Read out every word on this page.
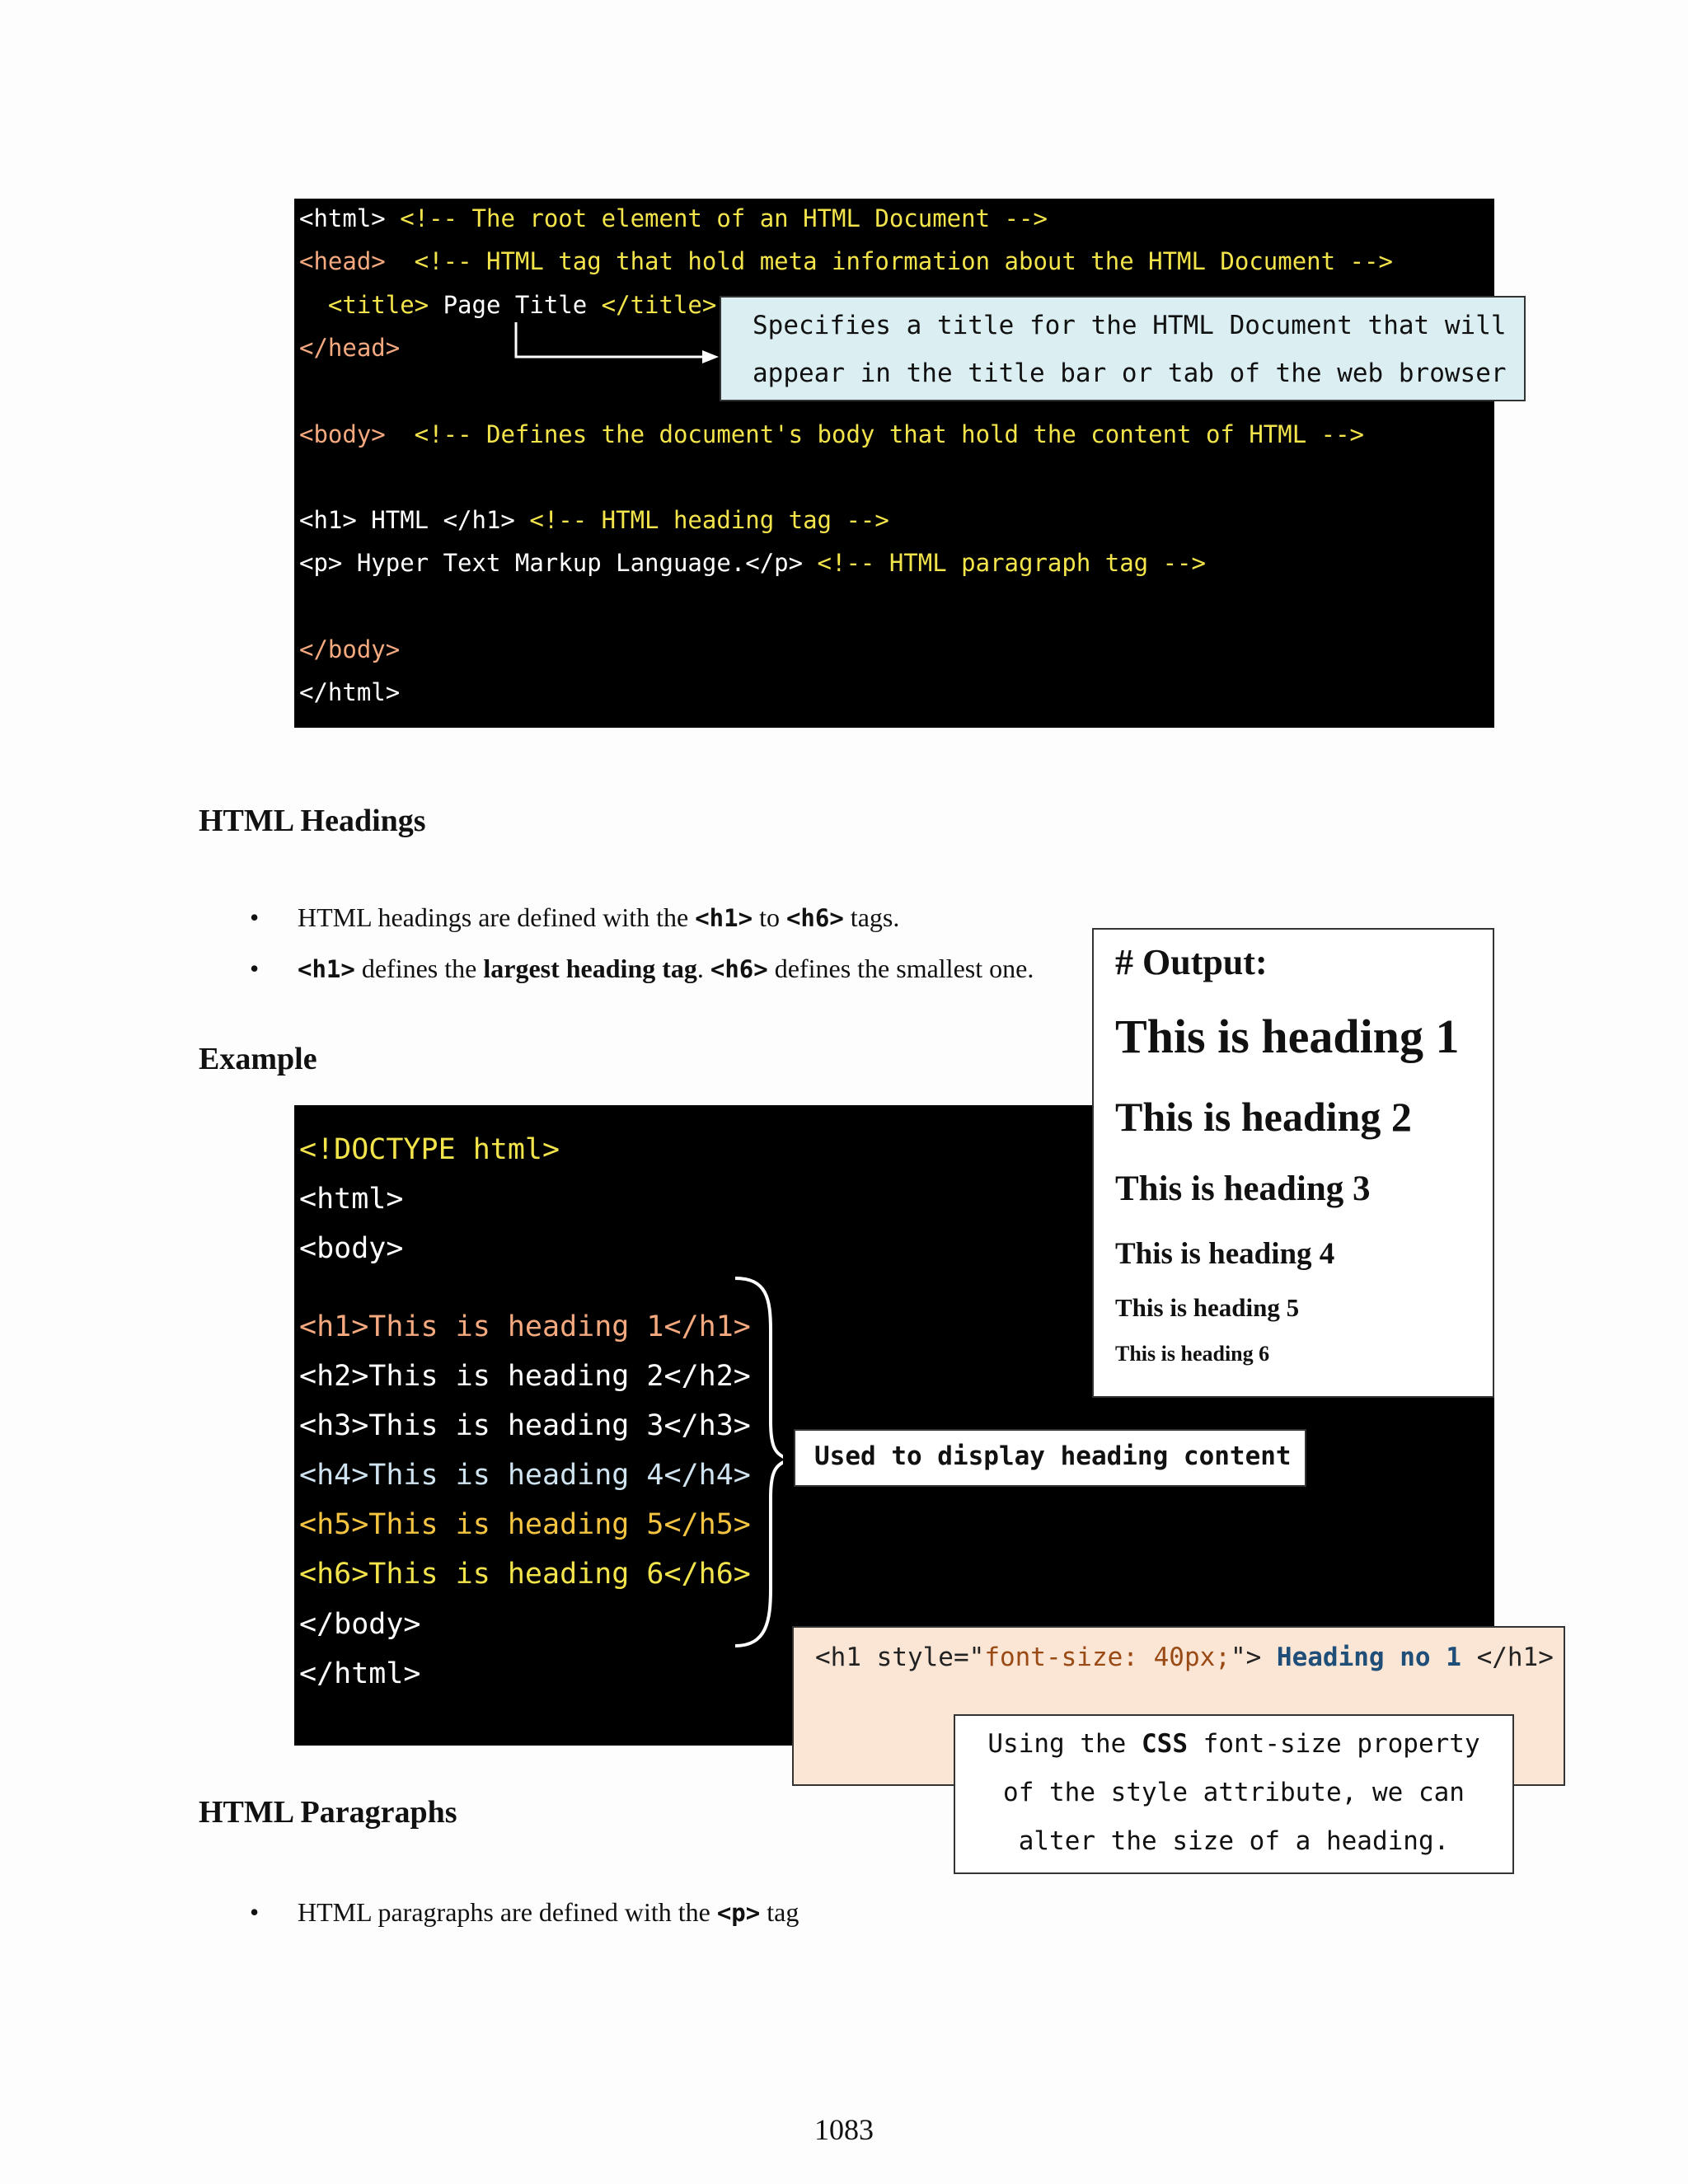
<html> <!-- The root element of an HTML Document -->
<head>  <!-- HTML tag that hold meta information about the HTML Document -->
<title> Page Title </title>
</head>
<body>  <!-- Defines the document's body that hold the content of HTML -->
<h1> HTML </h1> <!-- HTML heading tag -->
<p> Hyper Text Markup Language.</p> <!-- HTML paragraph tag -->
</body>
</html>

Specifies a title for the HTML Document that will

appear in the title bar or tab of the web browser

HTML Headings
• HTML headings are defined with the <h1> to <h6> tags.
• <h1> defines the largest heading tag. <h6> defines the smallest one.
Example
<!DOCTYPE html>
<html>
<body>
<h1>This is heading 1</h1>
<h2>This is heading 2</h2>
<h3>This is heading 3</h3>
<h4>This is heading 4</h4>
<h5>This is heading 5</h5>
<h6>This is heading 6</h6>
</body>
</html>
Used to display heading content
# Output:
This is heading 1
This is heading 2
This is heading 3
This is heading 4
This is heading 5
This is heading 6
<h1 style="font-size: 40px;"> Heading no 1 </h1>
Using the CSS font-size property
of the style attribute, we can
alter the size of a heading.
HTML Paragraphs
• HTML paragraphs are defined with the <p> tag
1083
